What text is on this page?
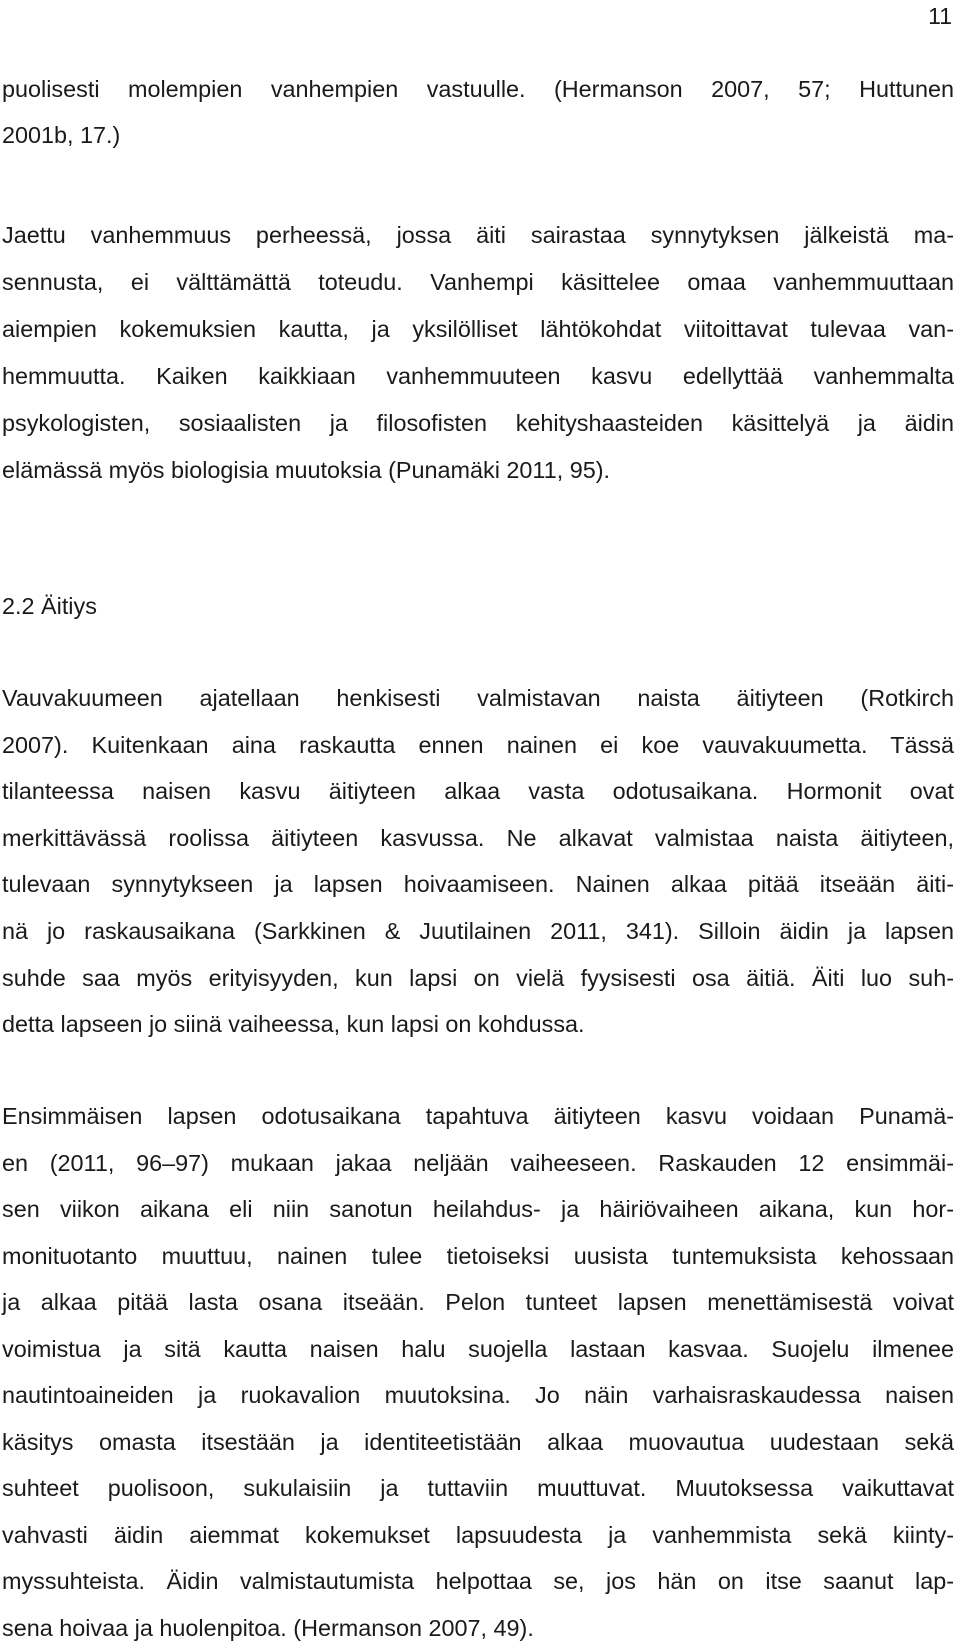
11
puolisesti molempien vanhempien vastuulle. (Hermanson 2007, 57; Huttunen
2001b, 17.)
Jaettu vanhemmuus perheessä, jossa äiti sairastaa synnytyksen jälkeistä ma-
sennusta, ei välttämättä toteudu. Vanhempi käsittelee omaa vanhemmuuttaan
aiempien kokemuksien kautta, ja yksilölliset lähtökohdat viitoittavat tulevaa van-
hemmuutta. Kaiken kaikkiaan vanhemmuuteen kasvu edellyttää vanhemmalta
psykologisten, sosiaalisten ja filosofisten kehityshaasteiden käsittelyä ja äidin
elämässä myös biologisia muutoksia (Punamäki 2011, 95).
2.2 Äitiys
Vauvakuumeen ajatellaan henkisesti valmistavan naista äitiyteen (Rotkirch
2007). Kuitenkaan aina raskautta ennen nainen ei koe vauvakuumetta. Tässä
tilanteessa naisen kasvu äitiyteen alkaa vasta odotusaikana. Hormonit ovat
merkittävässä roolissa äitiyteen kasvussa. Ne alkavat valmistaa naista äitiyteen,
tulevaan synnytykseen ja lapsen hoivaamiseen. Nainen alkaa pitää itseään äiti-
nä jo raskausaikana (Sarkkinen & Juutilainen 2011, 341). Silloin äidin ja lapsen
suhde saa myös erityisyyden, kun lapsi on vielä fyysisesti osa äitiä. Äiti luo suh-
detta lapseen jo siinä vaiheessa, kun lapsi on kohdussa.
Ensimmäisen lapsen odotusaikana tapahtuva äitiyteen kasvu voidaan Punamä-
en (2011, 96–97) mukaan jakaa neljään vaiheeseen. Raskauden 12 ensimmäi-
sen viikon aikana eli niin sanotun heilahdus- ja häiriövaiheen aikana, kun hor-
monituotanto muuttuu, nainen tulee tietoiseksi uusista tuntemuksista kehossaan
ja alkaa pitää lasta osana itseään. Pelon tunteet lapsen menettämisestä voivat
voimistua ja sitä kautta naisen halu suojella lastaan kasvaa. Suojelu ilmenee
nautintoaineiden ja ruokavalion muutoksina. Jo näin varhaisraskaudessa naisen
käsitys omasta itsestään ja identiteetistään alkaa muovautua uudestaan sekä
suhteet puolisoon, sukulaisiin ja tuttaviin muuttuvat. Muutoksessa vaikuttavat
vahvasti äidin aiemmat kokemukset lapsuudesta ja vanhemmista sekä kiinty-
myssuhteista. Äidin valmistautumista helpottaa se, jos hän on itse saanut lap-
sena hoivaa ja huolenpitoa. (Hermanson 2007, 49).
